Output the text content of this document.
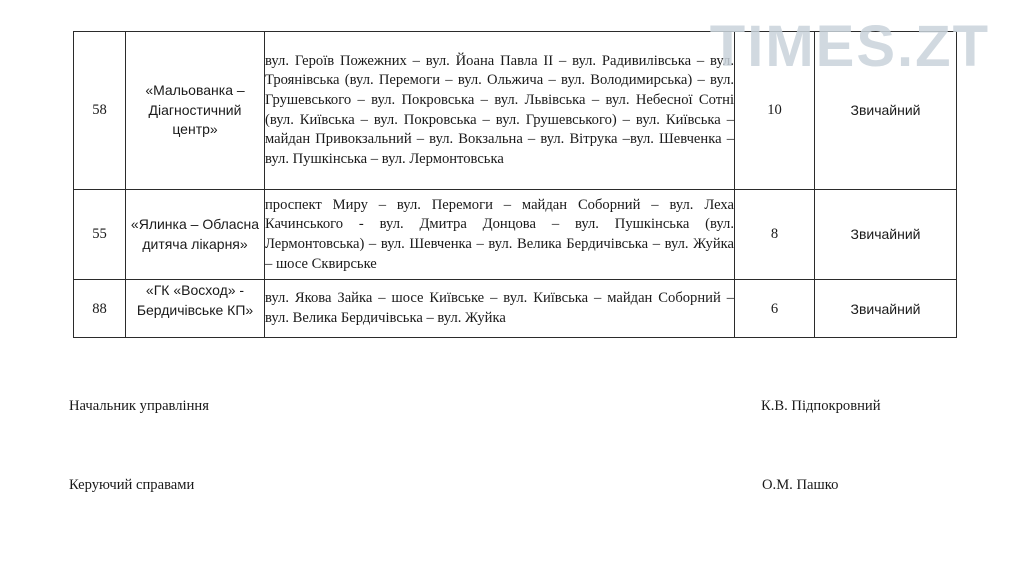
TIMES.ZT
58	«Мальованка – Діагностичний центр»	вул. Героїв Пожежних – вул. Йоана Павла ІІ – вул. Радивилівська – вул. Троянівська (вул. Перемоги – вул. Ольжича – вул. Володимирська) – вул. Грушевського – вул. Покровська – вул. Львівська – вул. Небесної Сотні (вул. Київська – вул. Покровська – вул. Грушевського) – вул. Київська – майдан Привокзальний – вул. Вокзальна – вул. Вітрука –вул. Шевченка – вул. Пушкінська – вул. Лермонтовська	10	Звичайний
55	«Ялинка – Обласна дитяча лікарня»	проспект Миру – вул. Перемоги – майдан Соборний – вул. Леха Качинського - вул. Дмитра Донцова – вул. Пушкінська (вул. Лермонтовська) – вул. Шевченка – вул. Велика Бердичівська – вул. Жуйка – шосе Сквирське	8	Звичайний
88	«ГК «Восход» - Бердичівське КП»	вул. Якова Зайка – шосе Київське – вул. Київська – майдан Соборний – вул. Велика Бердичівська – вул. Жуйка	6	Звичайний
Начальник управління	К.В. Підпокровний
Керуючий справами	О.М. Пашко
